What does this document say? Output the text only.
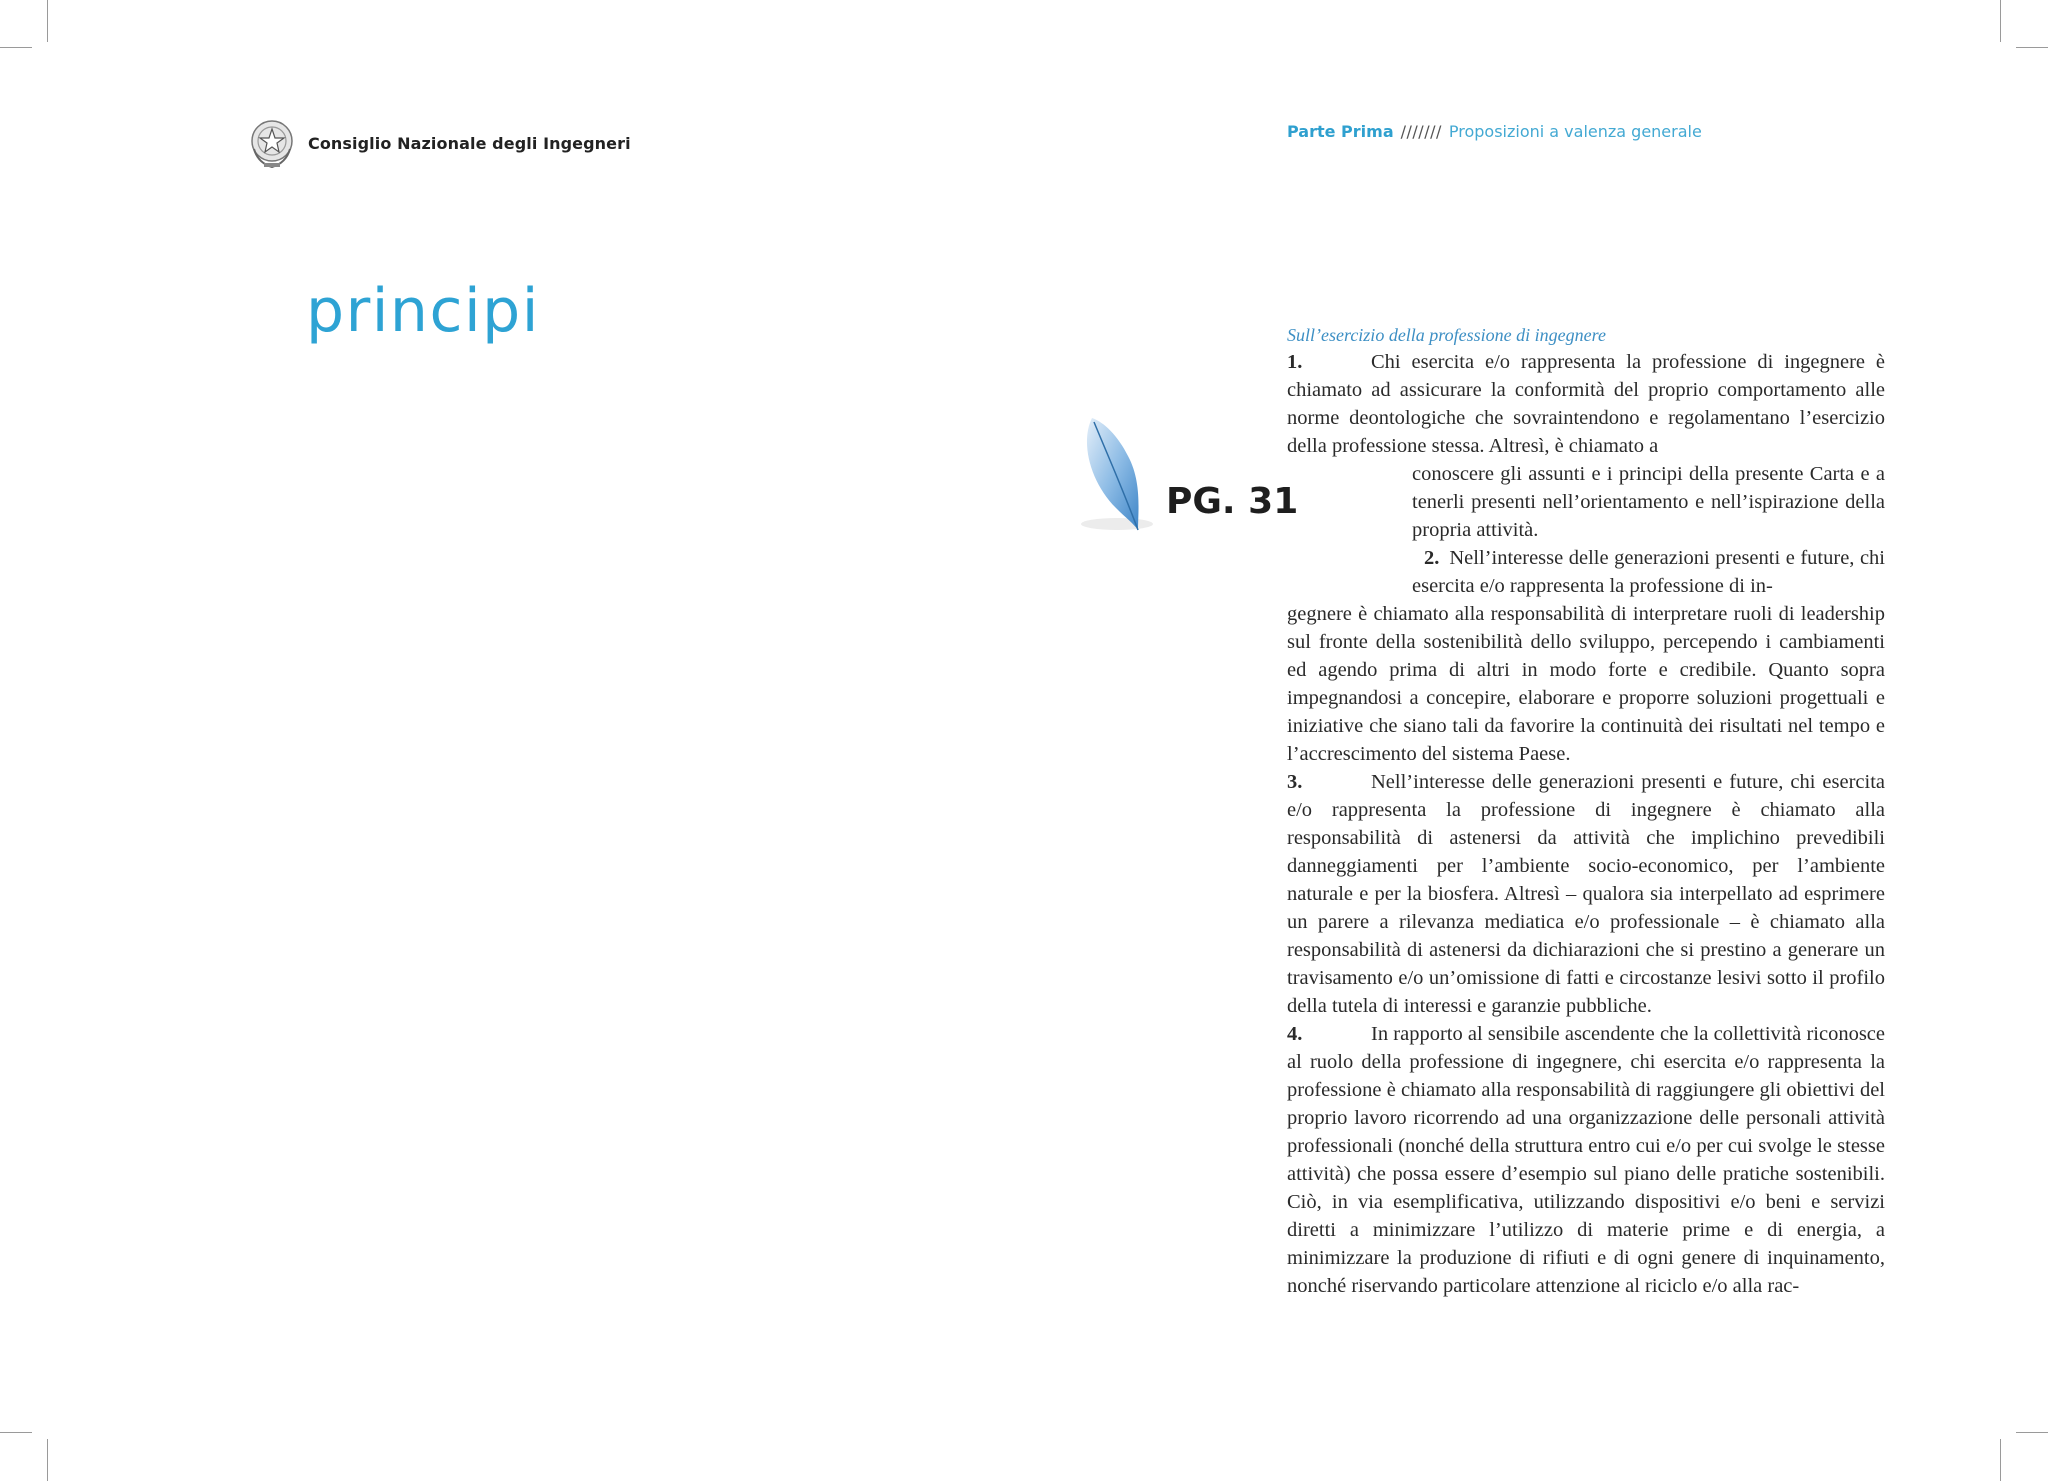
Consiglio Nazionale degli Ingegneri
Parte Prima /////// Proposizioni a valenza generale
principi
PG. 31
Sull’esercizio della professione di ingegnere

1.	Chi esercita e/o rappresenta la professione di ingegnere è chiamato ad assicurare la conformità del proprio comportamento alle norme deontologiche che sovraintendono e regolamentano l’esercizio della professione stessa. Altresì, è chiamato a

conoscere gli assunti e i principi della presente Carta e a tenerli presenti nell’orientamento e nell’ispirazione della propria attività.

2. Nell’interesse delle generazioni presenti e future, chi esercita e/o rappresenta la professione di in-

gegnere è chiamato alla responsabilità di interpretare ruoli di leadership sul fronte della sostenibilità dello sviluppo, percependo i cambiamenti ed agendo prima di altri in modo forte e credibile. Quanto sopra impegnandosi a concepire, elaborare e proporre soluzioni progettuali e iniziative che siano tali da favorire la continuità dei risultati nel tempo e l’accrescimento del sistema Paese.

3.	Nell’interesse delle generazioni presenti e future, chi esercita e/o rappresenta la professione di ingegnere è chiamato alla responsabilità di astenersi da attività che implichino prevedibili danneggiamenti per l’ambiente socio-economico, per l’ambiente naturale e per la biosfera. Altresì – qualora sia interpellato ad esprimere un parere a rilevanza mediatica e/o professionale – è chiamato alla responsabilità di astenersi da dichiarazioni che si prestino a generare un travisamento e/o un’omissione di fatti e circostanze lesivi sotto il profilo della tutela di interessi e garanzie pubbliche.

4.	In rapporto al sensibile ascendente che la collettività riconosce al ruolo della professione di ingegnere, chi esercita e/o rappresenta la professione è chiamato alla responsabilità di raggiungere gli obiettivi del proprio lavoro ricorrendo ad una organizzazione delle personali attività professionali (nonché della struttura entro cui e/o per cui svolge le stesse attività) che possa essere d’esempio sul piano delle pratiche sostenibili. Ciò, in via esemplificativa, utilizzando dispositivi e/o beni e servizi diretti a minimizzare l’utilizzo di materie prime e di energia, a minimizzare la produzione di rifiuti e di ogni genere di inquinamento, nonché riservando particolare attenzione al riciclo e/o alla rac-
